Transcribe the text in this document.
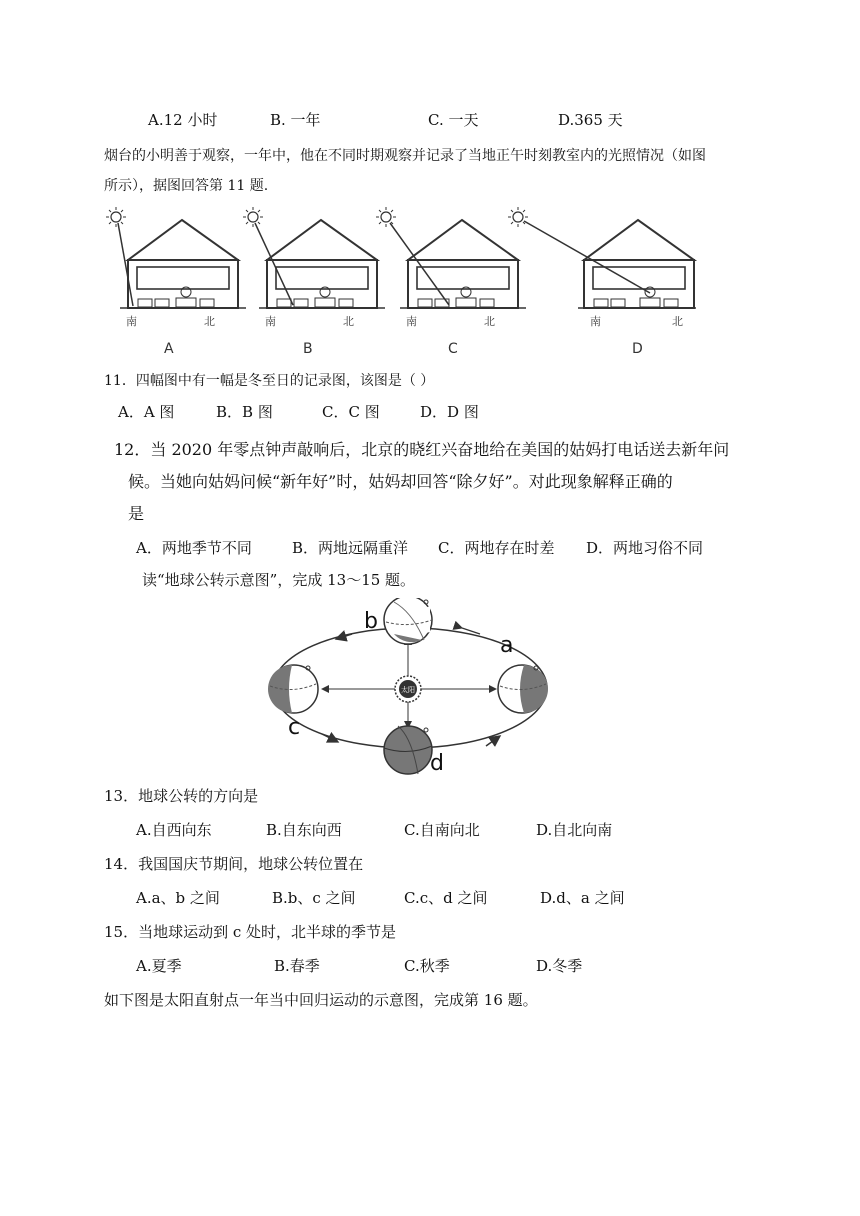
A.12 小时	B. 一年	C. 一天	D.365 天
烟台的小明善于观察，一年中，他在不同时期观察并记录了当地正午时刻教室内的光照情况（如图
所示），据图回答第 11 题.
南	北
A
南	北
B
南	北
C
南	北
D
11．四幅图中有一幅是冬至日的记录图，该图是（ ）
A．A 图	B．B 图	C．C 图	D．D 图
12．当 2020 年零点钟声敲响后，北京的晓红兴奋地给在美国的姑妈打电话送去新年问
候。当她向姑妈问候“新年好”时，姑妈却回答“除夕好”。对此现象解释正确的
是
A．两地季节不同	B．两地远隔重洋 C．两地存在时差 D．两地习俗不同
读“地球公转示意图”，完成 13～15 题。
太阳
b
a
c
d
13．地球公转的方向是
A.自西向东	B.自东向西	C.自南向北	D.自北向南
14．我国国庆节期间，地球公转位置在
A.a、b 之间	B.b、c 之间	C.c、d 之间	D.d、a 之间
15．当地球运动到 c 处时，北半球的季节是
A.夏季	B.春季	C.秋季	D.冬季
如下图是太阳直射点一年当中回归运动的示意图，完成第 16 题。
